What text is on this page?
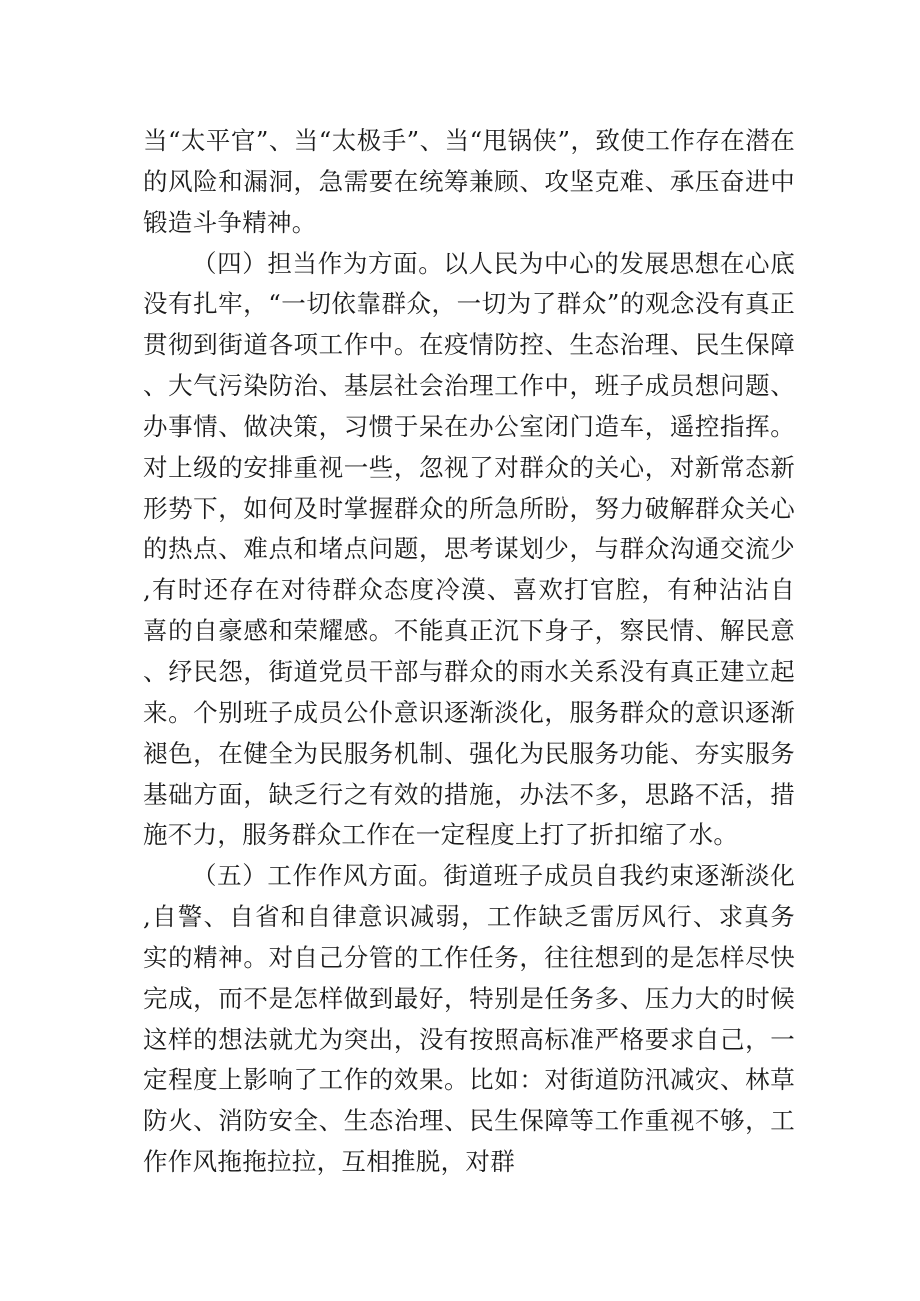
当“太平官”、当“太极手”、当“甩锅侠”，致使工作存在潜在的风险和漏洞，急需要在统筹兼顾、攻坚克难、承压奋进中锻造斗争精神。

（四）担当作为方面。以人民为中心的发展思想在心底没有扎牢，“一切依靠群众，一切为了群众”的观念没有真正贯彻到街道各项工作中。在疫情防控、生态治理、民生保障、大气污染防治、基层社会治理工作中，班子成员想问题、办事情、做决策，习惯于呆在办公室闭门造车，遥控指挥。对上级的安排重视一些，忽视了对群众的关心，对新常态新形势下，如何及时掌握群众的所急所盼，努力破解群众关心的热点、难点和堵点问题，思考谋划少，与群众沟通交流少,有时还存在对待群众态度冷漠、喜欢打官腔，有种沾沾自喜的自豪感和荣耀感。不能真正沉下身子，察民情、解民意、纾民怨，街道党员干部与群众的雨水关系没有真正建立起来。个别班子成员公仆意识逐渐淡化，服务群众的意识逐渐褪色，在健全为民服务机制、强化为民服务功能、夯实服务基础方面，缺乏行之有效的措施，办法不多，思路不活，措施不力，服务群众工作在一定程度上打了折扣缩了水。

（五）工作作风方面。街道班子成员自我约束逐渐淡化,自警、自省和自律意识减弱，工作缺乏雷厉风行、求真务实的精神。对自己分管的工作任务，往往想到的是怎样尽快完成，而不是怎样做到最好，特别是任务多、压力大的时候这样的想法就尤为突出，没有按照高标准严格要求自己，一定程度上影响了工作的效果。比如：对街道防汛减灾、林草防火、消防安全、生态治理、民生保障等工作重视不够，工作作风拖拖拉拉，互相推脱，对群
